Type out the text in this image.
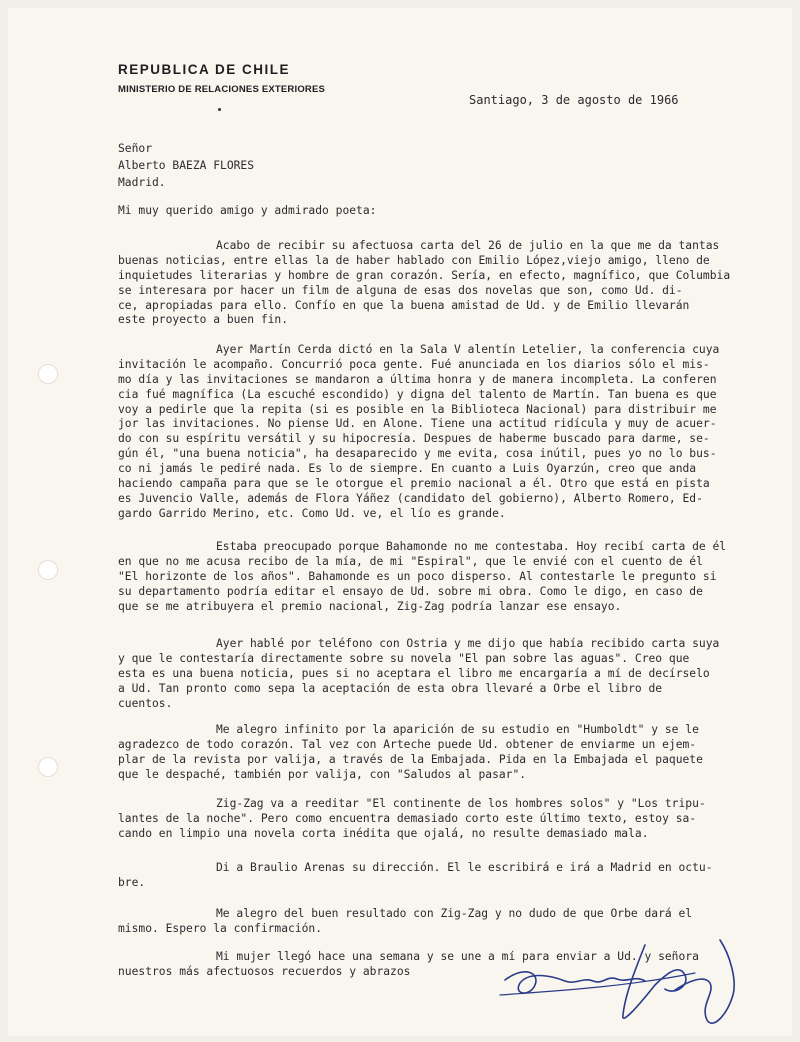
REPUBLICA DE CHILE
MINISTERIO DE RELACIONES EXTERIORES
Santiago, 3 de agosto de 1966
Señor
Alberto BAEZA FLORES
Madrid.
Mi muy querido amigo y admirado poeta:
Acabo de recibir su afectuosa carta del 26 de julio en la que me da tantas
buenas noticias, entre ellas la de haber hablado con Emilio López,viejo amigo, lleno de
inquietudes literarias y hombre de gran corazón. Sería, en efecto, magnífico, que Columbia
se interesara por hacer un film de alguna de esas dos novelas que son, como Ud. di-
ce, apropiadas para ello. Confío en que la buena amistad de Ud. y de Emilio llevarán
este proyecto a buen fin.
Ayer Martín Cerda dictó en la Sala V alentín Letelier, la conferencia cuya
invitación le acompaño. Concurrió poca gente. Fué anunciada en los diarios sólo el mis-
mo día y las invitaciones se mandaron a última honra y de manera incompleta. La conferen
cia fué magnífica (La escuché escondido) y digna del talento de Martín. Tan buena es que
voy a pedirle que la repita (si es posible en la Biblioteca Nacional) para distribuir me
jor las invitaciones. No piense Ud. en Alone. Tiene una actitud ridícula y muy de acuer-
do con su espíritu versátil y su hipocresía. Despues de haberme buscado para darme, se-
gún él, "una buena noticia", ha desaparecido y me evita, cosa inútil, pues yo no lo bus-
co ni jamás le pediré nada. Es lo de siempre. En cuanto a Luis Oyarzún, creo que anda
haciendo campaña para que se le otorgue el premio nacional a él. Otro que está en pista
es Juvencio Valle, además de Flora Yáñez (candidato del gobierno), Alberto Romero, Ed-
gardo Garrido Merino, etc. Como Ud. ve, el lío es grande.
Estaba preocupado porque Bahamonde no me contestaba. Hoy recibí carta de él
en que no me acusa recibo de la mía, de mi "Espiral", que le envié con el cuento de él
"El horizonte de los años". Bahamonde es un poco disperso. Al contestarle le pregunto si
su departamento podría editar el ensayo de Ud. sobre mi obra. Como le digo, en caso de
que se me atribuyera el premio nacional, Zig-Zag podría lanzar ese ensayo.
Ayer hablé por teléfono con Ostria y me dijo que había recibido carta suya
y que le contestaría directamente sobre su novela "El pan sobre las aguas". Creo que
esta es una buena noticia, pues si no aceptara el libro me encargaría a mí de decírselo
a Ud. Tan pronto como sepa la aceptación de esta obra llevaré a Orbe el libro de
cuentos.
Me alegro infinito por la aparición de su estudio en "Humboldt" y se le
agradezco de todo corazón. Tal vez con Arteche puede Ud. obtener de enviarme un ejem-
plar de la revista por valija, a través de la Embajada. Pida en la Embajada el paquete
que le despaché, también por valija, con "Saludos al pasar".
Zig-Zag va a reeditar "El continente de los hombres solos" y "Los tripu-
lantes de la noche". Pero como encuentra demasiado corto este último texto, estoy sa-
cando en limpio una novela corta inédita que ojalá, no resulte demasiado mala.
Di a Braulio Arenas su dirección. El le escribirá e irá a Madrid en octu-
bre.
Me alegro del buen resultado con Zig-Zag y no dudo de que Orbe dará el
mismo. Espero la confirmación.
Mi mujer llegó hace una semana y se une a mí para enviar a Ud. y señora
nuestros más afectuosos recuerdos y abrazos
